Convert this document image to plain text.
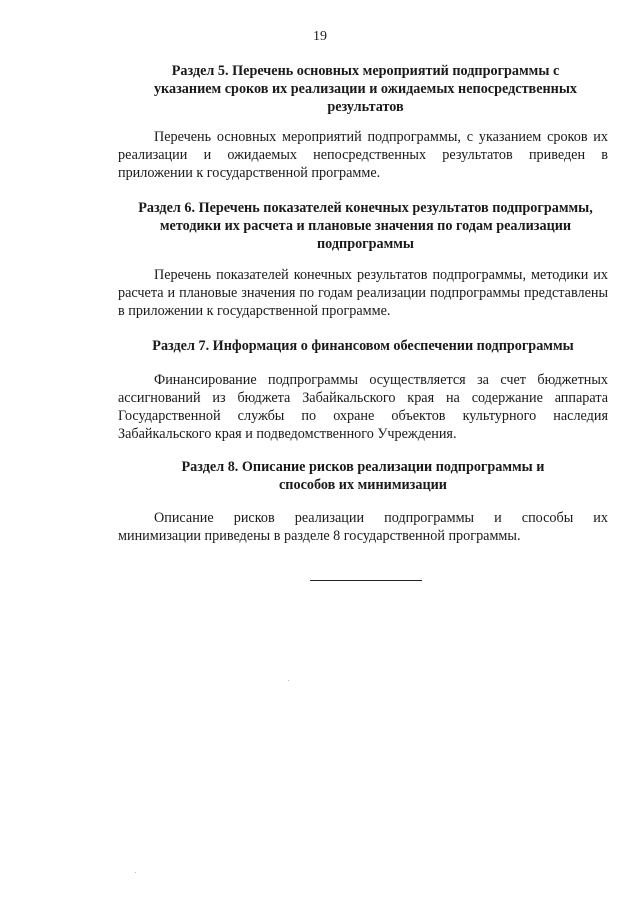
19
Раздел 5. Перечень основных мероприятий подпрограммы с указанием сроков их реализации и ожидаемых непосредственных результатов
Перечень основных мероприятий подпрограммы, с указанием сроков их реализации и ожидаемых непосредственных результатов приведен в приложении к государственной программе.
Раздел 6. Перечень показателей конечных результатов подпрограммы, методики их расчета и плановые значения по годам реализации подпрограммы
Перечень показателей конечных результатов подпрограммы, методики их расчета и плановые значения по годам реализации подпрограммы представлены в приложении к государственной программе.
Раздел 7. Информация о финансовом обеспечении подпрограммы
Финансирование подпрограммы осуществляется за счет бюджетных ассигнований из бюджета Забайкальского края на содержание аппарата Государственной службы по охране объектов культурного наследия Забайкальского края и подведомственного Учреждения.
Раздел 8. Описание рисков реализации подпрограммы и способов их минимизации
Описание рисков реализации подпрограммы и способы их
минимизации приведены в разделе 8 государственной программы.
